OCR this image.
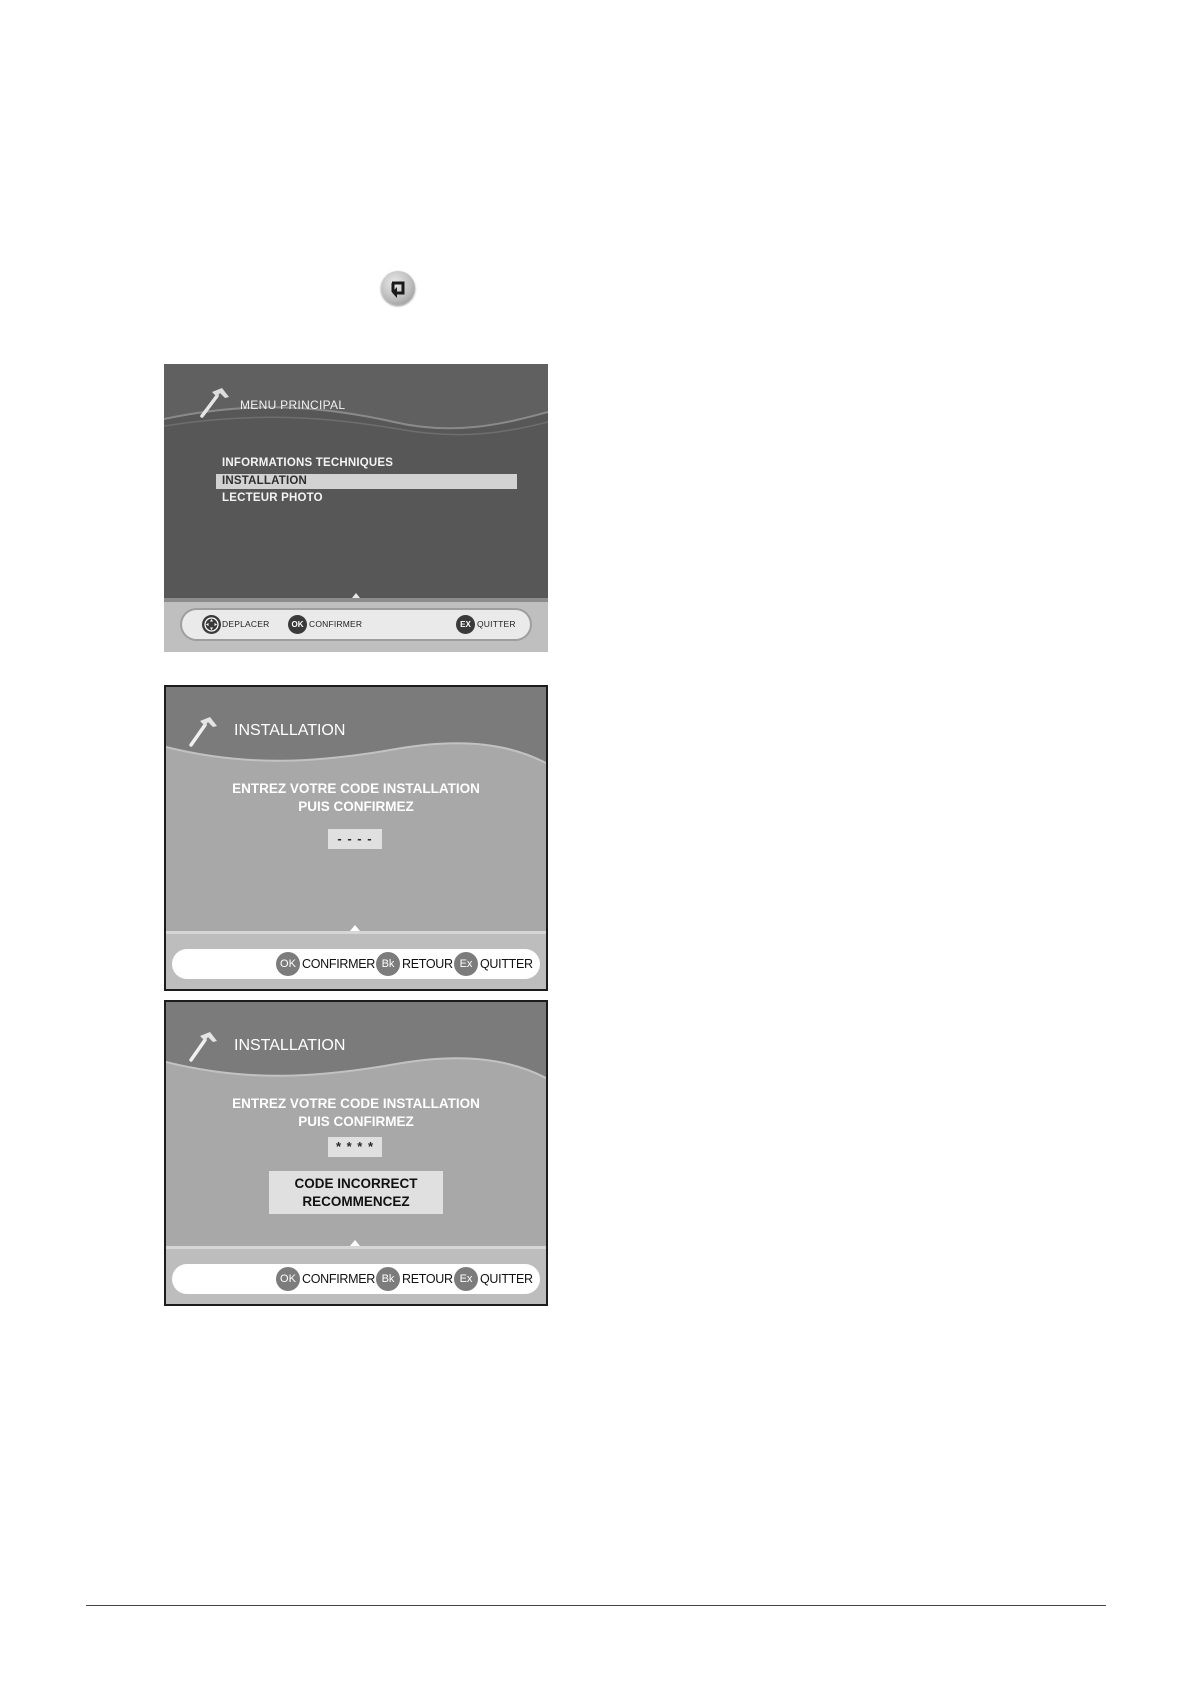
MENU PRINCIPAL
INFORMATIONS TECHNIQUES
INSTALLATION
LECTEUR PHOTO
DEPLACER	OK CONFIRMER	EX QUITTER
INSTALLATION
ENTREZ VOTRE CODE INSTALLATION
PUIS CONFIRMEZ
- - - -
OK CONFIRMER Bk RETOUR Ex QUITTER
INSTALLATION
ENTREZ VOTRE CODE INSTALLATION
PUIS CONFIRMEZ
* * * *
CODE INCORRECT
RECOMMENCEZ
OK CONFIRMER Bk RETOUR Ex QUITTER
